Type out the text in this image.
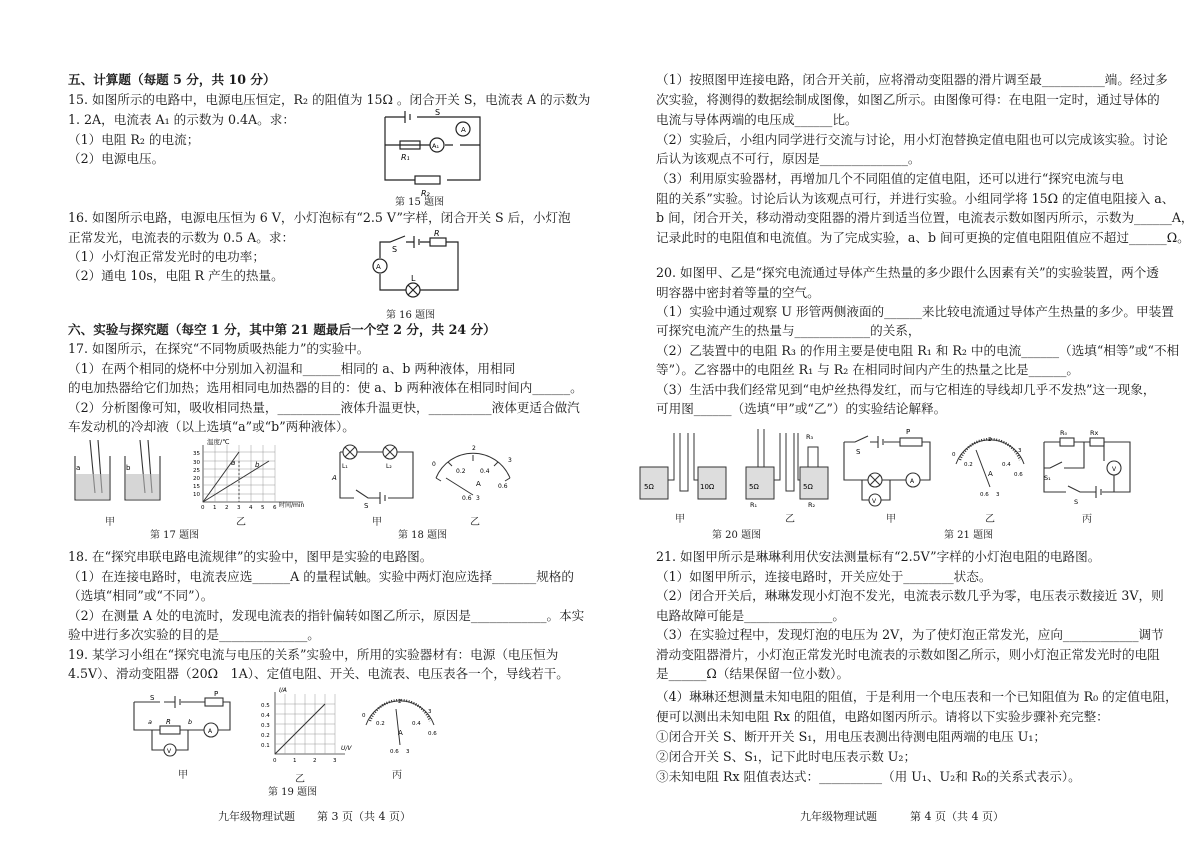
五、计算题（每题 5 分，共 10 分）
15. 如图所示的电路中，电源电压恒定，R₂ 的阻值为 15Ω 。闭合开关 S，电流表 A 的示数为
1. 2A，电流表 A₁ 的示数为 0.4A。求：
（1）电阻 R₂ 的电流；
（2）电源电压。
S
A
A₁
R₁
R₂
第 15 题图
16. 如图所示电路，电源电压恒为 6 V，小灯泡标有“2.5 V”字样，闭合开关 S 后，小灯泡
正常发光，电流表的示数为 0.5 A。求：
（1）小灯泡正常发光时的电功率；
（2）通电 10s，电阻 R 产生的热量。
S
R
A
L
第 16 题图
六、实验与探究题（每空 1 分，其中第 21 题最后一个空 2 分，共 24 分）
17. 如图所示，在探究“不同物质吸热能力”的实验中。
（1）在两个相同的烧杯中分别加入初温和______相同的 a、b 两种液体，用相同
的电加热器给它们加热；选用相同电加热器的目的：使 a、b 两种液体在相同时间内______。
（2）分析图像可知，吸收相同热量，__________液体升温更快，__________液体更适合做汽
车发动机的冷却液（以上选填“a”或“b”两种液体）。
a	b
甲
温度/℃
35
30
25
20
15
10
0 1 2 3 4 5 6 时间/min
a	b
乙
第 17 题图
L₁	L₂
A
S
甲
0
2
3
0.2 0.4
0.6
A
0.6 3
乙
第 18 题图
18. 在“探究串联电路电流规律”的实验中，图甲是实验的电路图。
（1）在连接电路时，电流表应选______A 的量程试触。实验中两灯泡应选择_______规格的
（选填“相同”或“不同”）。
（2）在测量 A 处的电流时，发现电流表的指针偏转如图乙所示，原因是____________。本实
验中进行多次实验的目的是______________。
19. 某学习小组在“探究电流与电压的关系”实验中，所用的实验器材有：电源（电压恒为
4.5V）、滑动变阻器（20Ω　1A）、定值电阻、开关、电流表、电压表各一个，导线若干。
P
S
R
a	b
A
V
甲
I/A
0.5
0.4
0.3
0.2
0.1
0	1	2	3
U/V
乙
第 19 题图
0
2
3
0.2	0.4
0.6
A
0.6 3
丙
九年级物理试题　　第 3 页（共 4 页）
（1）按照图甲连接电路，闭合开关前，应将滑动变阻器的滑片调至最__________端。经过多
次实验，将测得的数据绘制成图像，如图乙所示。由图像可得：在电阻一定时，通过导体的
电流与导体两端的电压成______比。
（2）实验后，小组内同学进行交流与讨论，用小灯泡替换定值电阻也可以完成该实验。讨论
后认为该观点不可行，原因是______________。
（3）利用原实验器材，再增加几个不同阻值的定值电阻，还可以进行“探究电流与电
阻的关系”实验。讨论后认为该观点可行，并进行实验。小组同学将 15Ω 的定值电阻接入 a、
b 间，闭合开关，移动滑动变阻器的滑片到适当位置，电流表示数如图丙所示，示数为______A，
记录此时的电阻值和电流值。为了完成实验，a、b 间可更换的定值电阻阻值应不超过______Ω。
20. 如图甲、乙是“探究电流通过导体产生热量的多少跟什么因素有关”的实验装置，两个透
明容器中密封着等量的空气。
（1）实验中通过观察 U 形管两侧液面的______来比较电流通过导体产生热量的多少。甲装置
可探究电流产生的热量与____________的关系，
（2）乙装置中的电阻 R₃ 的作用主要是使电阻 R₁ 和 R₂ 中的电流______（选填“相等”或“不相
等”）。乙容器中的电阻丝 R₁ 与 R₂ 在相同时间内产生的热量之比是______。
（3）生活中我们经常见到“电炉丝热得发红，而与它相连的导线却几乎不发热”这一现象，
可用图______（选填“甲”或“乙”）的实验结论解释。
5Ω	10Ω	5Ω	5Ω
R₃
R₁	R₂
甲	乙
第 20 题图
P
S
A
V
甲
0
2
3
0.2	0.4
0.6
A
0.6 3
乙
R₀	Rx
S₁
V
S
丙
第 21 题图
21. 如图甲所示是琳琳利用伏安法测量标有“2.5V”字样的小灯泡电阻的电路图。
（1）如图甲所示，连接电路时，开关应处于________状态。
（2）闭合开关后，琳琳发现小灯泡不发光，电流表示数几乎为零，电压表示数接近 3V，则
电路故障可能是______________。
（3）在实验过程中，发现灯泡的电压为 2V，为了使灯泡正常发光，应向____________调节
滑动变阻器滑片，小灯泡正常发光时电流表的示数如图乙所示，则小灯泡正常发光时的电阻
是______Ω（结果保留一位小数）。
（4）琳琳还想测量未知电阻的阻值，于是利用一个电压表和一个已知阻值为 R₀ 的定值电阻，
便可以测出未知电阻 Rx 的阻值，电路如图丙所示。请将以下实验步骤补充完整：
①闭合开关 S、断开开关 S₁，用电压表测出待测电阻两端的电压 U₁；
②闭合开关 S、S₁，记下此时电压表示数 U₂；
③未知电阻 Rx 阻值表达式：__________（用 U₁、U₂和 R₀的关系式表示）。
九年级物理试题　　　第 4 页（共 4 页）
